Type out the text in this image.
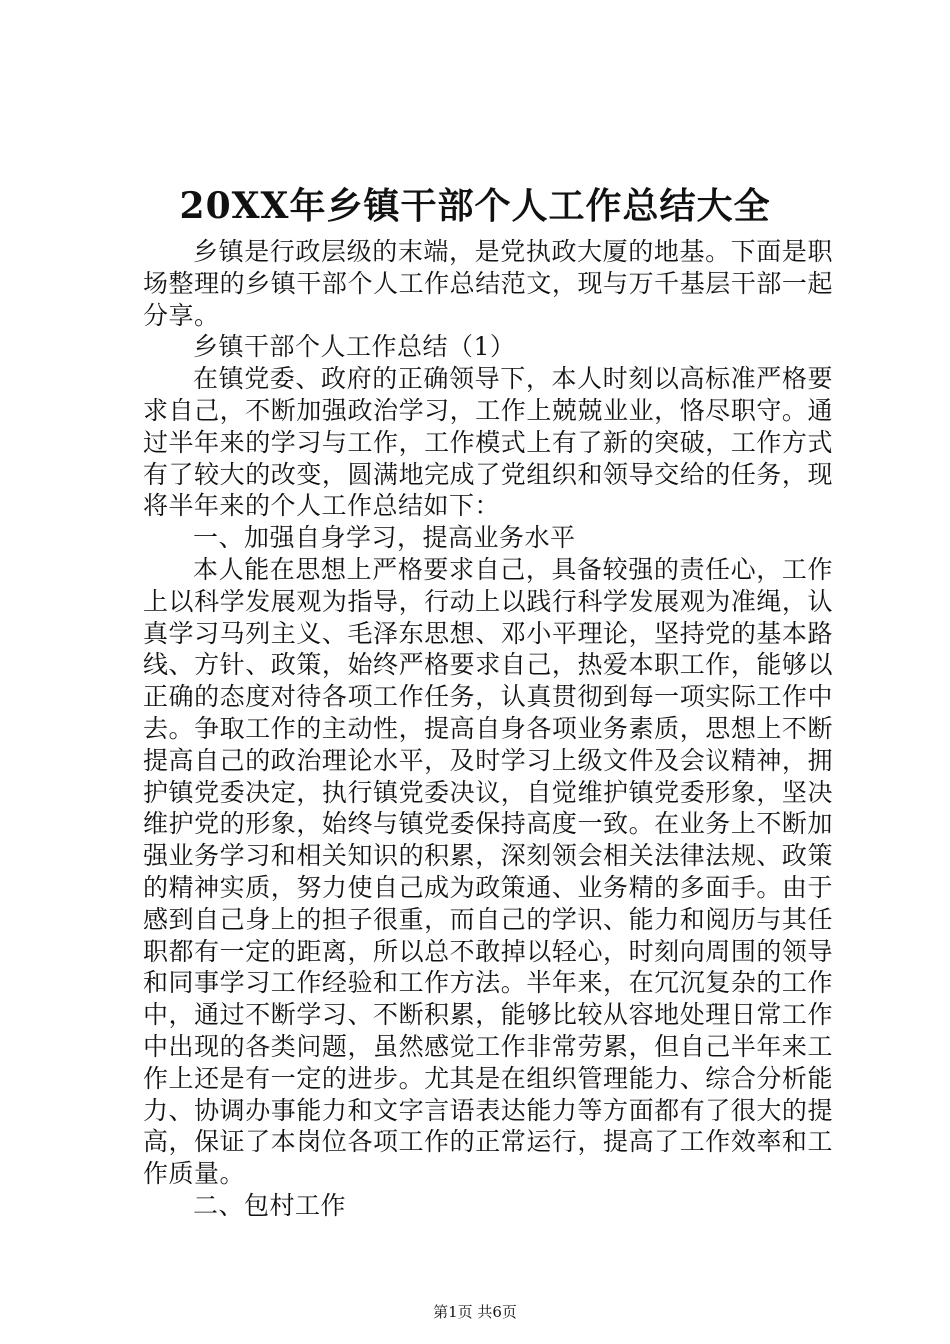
20XX年乡镇干部个人工作总结大全

乡镇是行政层级的末端，是党执政大厦的地基。下面是职场整理的乡镇干部个人工作总结范文，现与万千基层干部一起分享。

乡镇干部个人工作总结（1）

在镇党委、政府的正确领导下，本人时刻以高标准严格要求自己，不断加强政治学习，工作上兢兢业业，恪尽职守。通过半年来的学习与工作，工作模式上有了新的突破，工作方式有了较大的改变，圆满地完成了党组织和领导交给的任务，现将半年来的个人工作总结如下：

一、加强自身学习，提高业务水平

本人能在思想上严格要求自己，具备较强的责任心，工作上以科学发展观为指导，行动上以践行科学发展观为准绳，认真学习马列主义、毛泽东思想、邓小平理论，坚持党的基本路线、方针、政策，始终严格要求自己，热爱本职工作，能够以正确的态度对待各项工作任务，认真贯彻到每一项实际工作中去。争取工作的主动性，提高自身各项业务素质，思想上不断提高自己的政治理论水平，及时学习上级文件及会议精神，拥护镇党委决定，执行镇党委决议，自觉维护镇党委形象，坚决维护党的形象，始终与镇党委保持高度一致。在业务上不断加强业务学习和相关知识的积累，深刻领会相关法律法规、政策的精神实质，努力使自己成为政策通、业务精的多面手。由于感到自己身上的担子很重，而自己的学识、能力和阅历与其任职都有一定的距离，所以总不敢掉以轻心，时刻向周围的领导和同事学习工作经验和工作方法。半年来，在冗沉复杂的工作中，通过不断学习、不断积累，能够比较从容地处理日常工作中出现的各类问题，虽然感觉工作非常劳累，但自己半年来工作上还是有一定的进步。尤其是在组织管理能力、综合分析能力、协调办事能力和文字言语表达能力等方面都有了很大的提高，保证了本岗位各项工作的正常运行，提高了工作效率和工作质量。

二、包村工作

第1页 共6页
